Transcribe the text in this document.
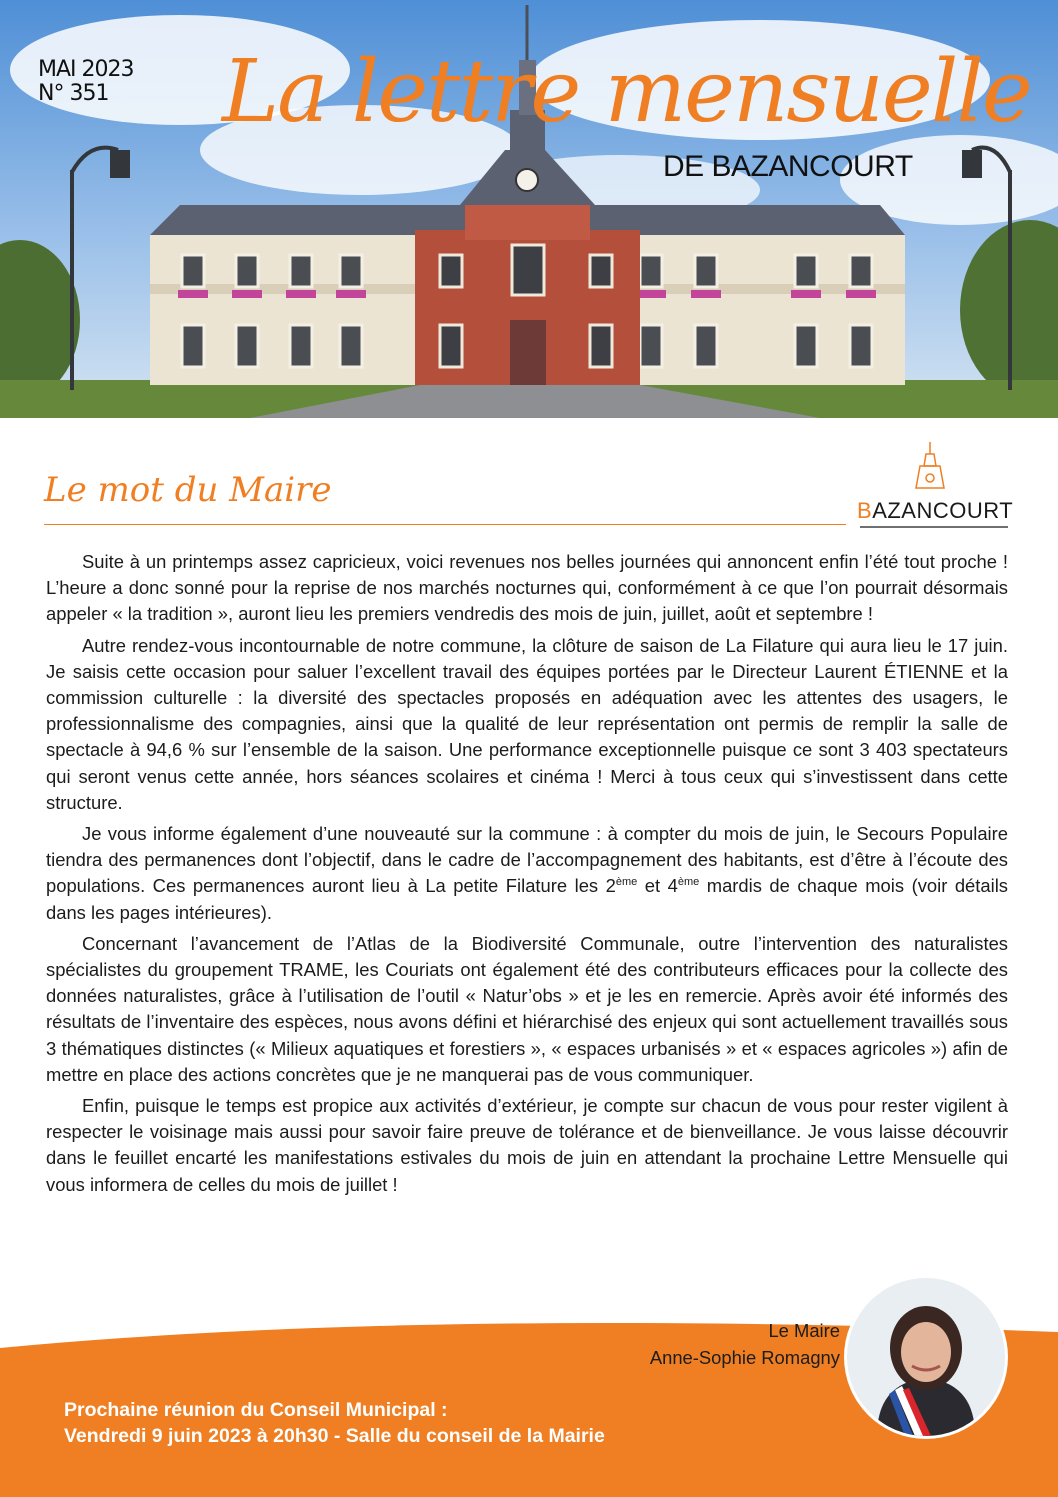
MAI 2023
N° 351 La lettre mensuelle
DE BAZANCOURT
Le mot du Maire
BAZANCOURT

Suite à un printemps assez capricieux, voici revenues nos belles journées qui annoncent enfin l’été tout proche ! L’heure a donc sonné pour la reprise de nos marchés nocturnes qui, conformément à ce que l’on pourrait désormais appeler « la tradition », auront lieu les premiers vendredis des mois de juin, juillet, août et septembre !

Autre rendez-vous incontournable de notre commune, la clôture de saison de La Filature qui aura lieu le 17 juin. Je saisis cette occasion pour saluer l’excellent travail des équipes portées par le Directeur Laurent ÉTIENNE et la commission culturelle : la diversité des spectacles proposés en adéquation avec les attentes des usagers, le professionnalisme des compagnies, ainsi que la qualité de leur représentation ont permis de remplir la salle de spectacle à 94,6 % sur l’ensemble de la saison. Une performance exceptionnelle puisque ce sont 3 403 spectateurs qui seront venus cette année, hors séances scolaires et cinéma ! Merci à tous ceux qui s’investissent dans cette structure.

Je vous informe également d’une nouveauté sur la commune : à compter du mois de juin, le Secours Populaire tiendra des permanences dont l’objectif, dans le cadre de l’accompagnement des habitants, est d’être à l’écoute des populations. Ces permanences auront lieu à La petite Filature les 2ème et 4ème mardis de chaque mois (voir détails dans les pages intérieures).

Concernant l’avancement de l’Atlas de la Biodiversité Communale, outre l’intervention des naturalistes spécialistes du groupement TRAME, les Couriats ont également été des contributeurs efficaces pour la collecte des données naturalistes, grâce à l’utilisation de l’outil « Natur’obs » et je les en remercie. Après avoir été informés des résultats de l’inventaire des espèces, nous avons défini et hiérarchisé des enjeux qui sont actuellement travaillés sous 3 thématiques distinctes (« Milieux aquatiques et forestiers », « espaces urbanisés » et « espaces agricoles ») afin de mettre en place des actions concrètes que je ne manquerai pas de vous communiquer.

Enfin, puisque le temps est propice aux activités d’extérieur, je compte sur chacun de vous pour rester vigilent à respecter le voisinage mais aussi pour savoir faire preuve de tolérance et de bienveillance. Je vous laisse découvrir dans le feuillet encarté les manifestations estivales du mois de juin en attendant la prochaine Lettre Mensuelle qui vous informera de celles du mois de juillet !

Le Maire
Anne-Sophie Romagny
Prochaine réunion du Conseil Municipal :
Vendredi 9 juin 2023 à 20h30 - Salle du conseil de la Mairie
